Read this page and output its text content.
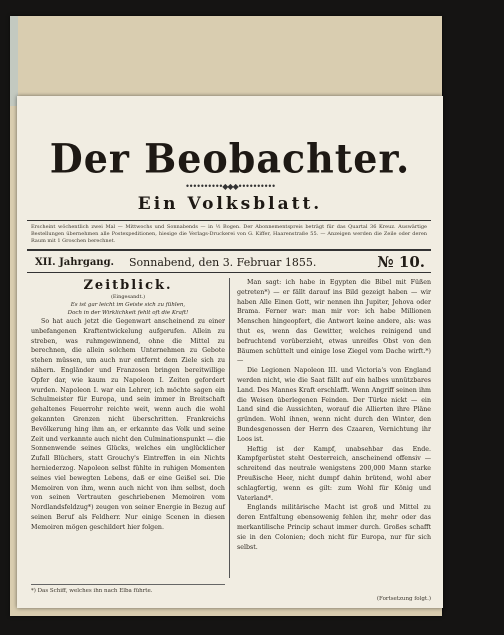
Der Beobachter.
••••••••••◆◆◆••••••••••
Ein Volksblatt.
Erscheint wöchentlich zwei Mal — Mittwochs und Sonnabends — in ½ Bogen. Der Abonnementspreis beträgt für das Quartal 36 Kreuz. Auswärtige Bestellungen übernehmen alle Postexpeditionen, hiesige die Verlags-Druckerei von G. Kiffer, Haarenstraße 55. — Anzeigen werden die Zeile oder deren Raum mit 1 Groschen berechnet.
XII. Jahrgang. Sonnabend, den 3. Februar 1855.	№ 10.

Zeitblick.

(Eingesandt.)

Es ist gar leicht im Geiste sich zu fühlen,

Doch in der Wirklichkeit fehlt oft die Kraft!

So hat auch jetzt die Gegenwart anscheinend zu einer unbefangenen Kraftentwickelung aufgerufen. Allein zu streben, was ruhmgewinnend, ohne die Mittel zu berechnen, die allein solchem Unternehmen zu Gebote stehen müssen, um auch nur entfernt dem Ziele sich zu nähern. Engländer und Franzosen bringen bereitwillige Opfer dar, wie kaum zu Napoleon I. Zeiten gefordert wurden. Napoleon I. war ein Lehrer, ich möchte sagen ein Schulmeister für Europa, und sein immer in Breitschaft gehaltenes Feuerrohr reichte weit, wenn auch die wohl gekannten Grenzen nicht überschritten. Frankreichs Bevölkerung hing ihm an, er erkannte das Volk und seine Zeit und verkannte auch nicht den Culminationspunkt — die Sonnenwende seines Glücks, welches ein unglücklicher Zufall Blüchers, statt Grouchy's Eintreffen in ein Nichts herniederzog. Napoleon selbst fühlte in ruhigen Momenten seines viel bewegten Lebens, daß er eine Geißel sei. Die Memoiren von ihm, wenn auch nicht von ihm selbst, doch von seinen Vertrauten geschriebenen Memoiren vom Nordlandsfeldzug*) zeugen von seiner Energie in Bezug auf seinen Beruf als Feldherr. Nur einige Scenen in diesen Memoiren mögen geschildert hier folgen.

Man sagt: ich habe in Egypten die Bibel mit Füßen getreten*) — er fällt darauf ins Bild gezeigt haben — wir haben Alle Einen Gott, wir nennen ihn Jupiter, Jehova oder Brama. Ferner war: man mir vor: ich habe Millionen Menschen hingeopfert, die Antwort keine andere, als: was thut es, wenn das Gewitter, welches reinigend und befruchtend vorüberzieht, etwas unreifes Obst von den Bäumen schüttelt und einige lose Ziegel vom Dache wirft.*) —

Die Legionen Napoleon III. und Victoria's von England werden nicht, wie die Saat fällt auf ein halbes unnützbares Land. Des Mannes Kraft erschlafft. Wenn Angriff seinen ihm die Weisen überlegenen Feinden. Der Türke nickt — ein Land sind die Aussichten, worauf die Allierten ihre Pläne gründen. Wohl ihnen, wenn nicht durch den Winter, den Bundesgenossen der Herrn des Czaaren, Vernichtung ihr Loos ist.

Heftig ist der Kampf, unabsehbar das Ende. Kampfgerüstet steht Oesterreich, anscheinend offensiv — schreitend das neutrale wenigstens 200,000 Mann starke Preußische Heer, nicht dumpf dahin brütend, wohl aber schlagfertig, wenn es gilt: zum Wohl für König und Vaterland*.

Englands militärische Macht ist groß und Mittel zu deren Entfaltung ebensowenig fehlen ihr, mehr oder das merkantilische Princip schaut immer durch. Großes schafft sie in den Colonien; doch nicht für Europa, nur für sich selbst.

*) Das Schiff, welches ihn nach Elba führte.
(Fortsetzung folgt.)
